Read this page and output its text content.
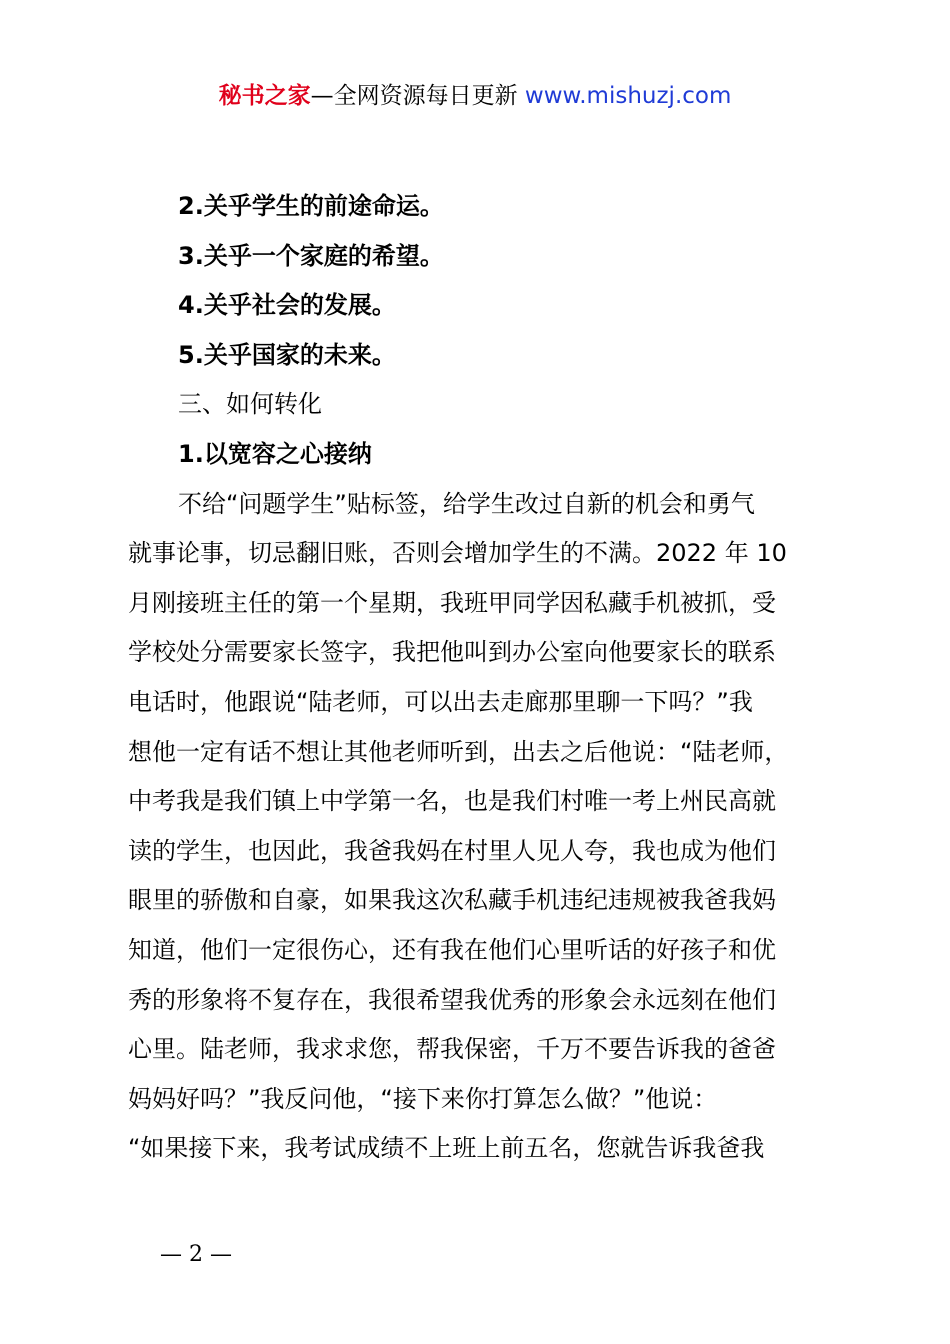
秘书之家—全网资源每日更新 www.mishuzj.com

2.关乎学生的前途命运。

3.关乎一个家庭的希望。

4.关乎社会的发展。

5.关乎国家的未来。

三、如何转化

1.以宽容之心接纳

不给“问题学生”贴标签，给学生改过自新的机会和勇气
就事论事，切忌翻旧账，否则会增加学生的不满。2022 年 10
月刚接班主任的第一个星期，我班甲同学因私藏手机被抓，受
学校处分需要家长签字，我把他叫到办公室向他要家长的联系
电话时，他跟说“陆老师，可以出去走廊那里聊一下吗？”我
想他一定有话不想让其他老师听到，出去之后他说：“陆老师，
中考我是我们镇上中学第一名，也是我们村唯一考上州民高就
读的学生，也因此，我爸我妈在村里人见人夸，我也成为他们
眼里的骄傲和自豪，如果我这次私藏手机违纪违规被我爸我妈
知道，他们一定很伤心，还有我在他们心里听话的好孩子和优
秀的形象将不复存在，我很希望我优秀的形象会永远刻在他们
心里。陆老师，我求求您，帮我保密，千万不要告诉我的爸爸
妈妈好吗？”我反问他，“接下来你打算怎么做？”他说：
“如果接下来，我考试成绩不上班上前五名，您就告诉我爸我
— 2 —
